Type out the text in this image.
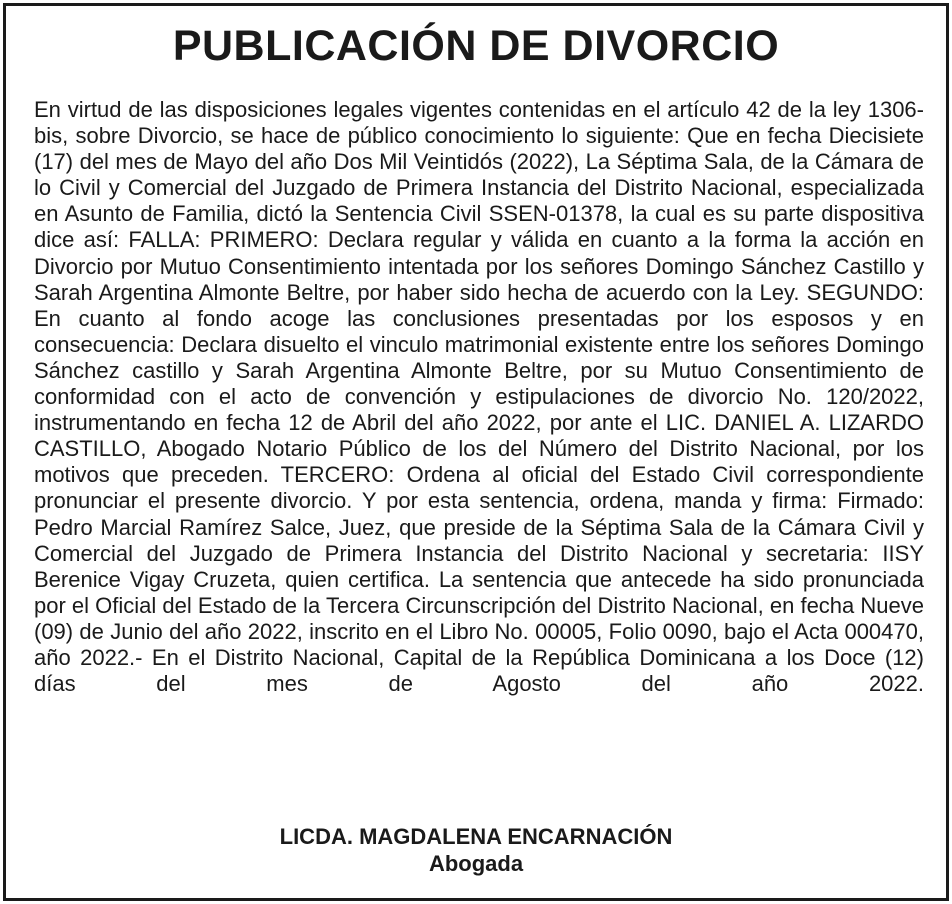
PUBLICACIÓN DE DIVORCIO

En virtud de las disposiciones legales vigentes contenidas en el artículo 42 de la ley 1306-bis, sobre Divorcio, se hace de público conocimiento lo siguiente: Que en fecha Diecisiete (17) del mes de Mayo del año Dos Mil Veintidós (2022), La Séptima Sala, de la Cámara de lo Civil y Comercial del Juzgado de Primera Instancia del Distrito Nacional, especializada en Asunto de Familia, dictó la Sentencia Civil SSEN-01378, la cual es su parte dispositiva dice así: FALLA: PRIMERO: Declara regular y válida en cuanto a la forma la acción en Divorcio por Mutuo Consentimiento intentada por los señores Domingo Sánchez Castillo y Sarah Argentina Almonte Beltre, por haber sido hecha de acuerdo con la Ley. SEGUNDO: En cuanto al fondo acoge las conclusiones presentadas por los esposos y en consecuencia: Declara disuelto el vinculo matrimonial existente entre los señores Domingo Sánchez castillo y Sarah Argentina Almonte Beltre, por su Mutuo Consentimiento de conformidad con el acto de convención y estipulaciones de divorcio No. 120/2022, instrumentando en fecha 12 de Abril del año 2022, por ante el LIC. DANIEL A. LIZARDO CASTILLO, Abogado Notario Público de los del Número del Distrito Nacional, por los motivos que preceden. TERCERO: Ordena al oficial del Estado Civil correspondiente pronunciar el presente divorcio. Y por esta sentencia, ordena, manda y firma: Firmado: Pedro Marcial Ramírez Salce, Juez, que preside de la Séptima Sala de la Cámara Civil y Comercial del Juzgado de Primera Instancia del Distrito Nacional y secretaria: IISY Berenice Vigay Cruzeta, quien certifica. La sentencia que antecede ha sido pronunciada por el Oficial del Estado de la Tercera Circunscripción del Distrito Nacional, en fecha Nueve (09) de Junio del año 2022, inscrito en el Libro No. 00005, Folio 0090, bajo el Acta 000470, año 2022.- En el Distrito Nacional, Capital de la República Dominicana a los Doce (12) días del mes de Agosto del año 2022.

LICDA. MAGDALENA ENCARNACIÓN
Abogada
